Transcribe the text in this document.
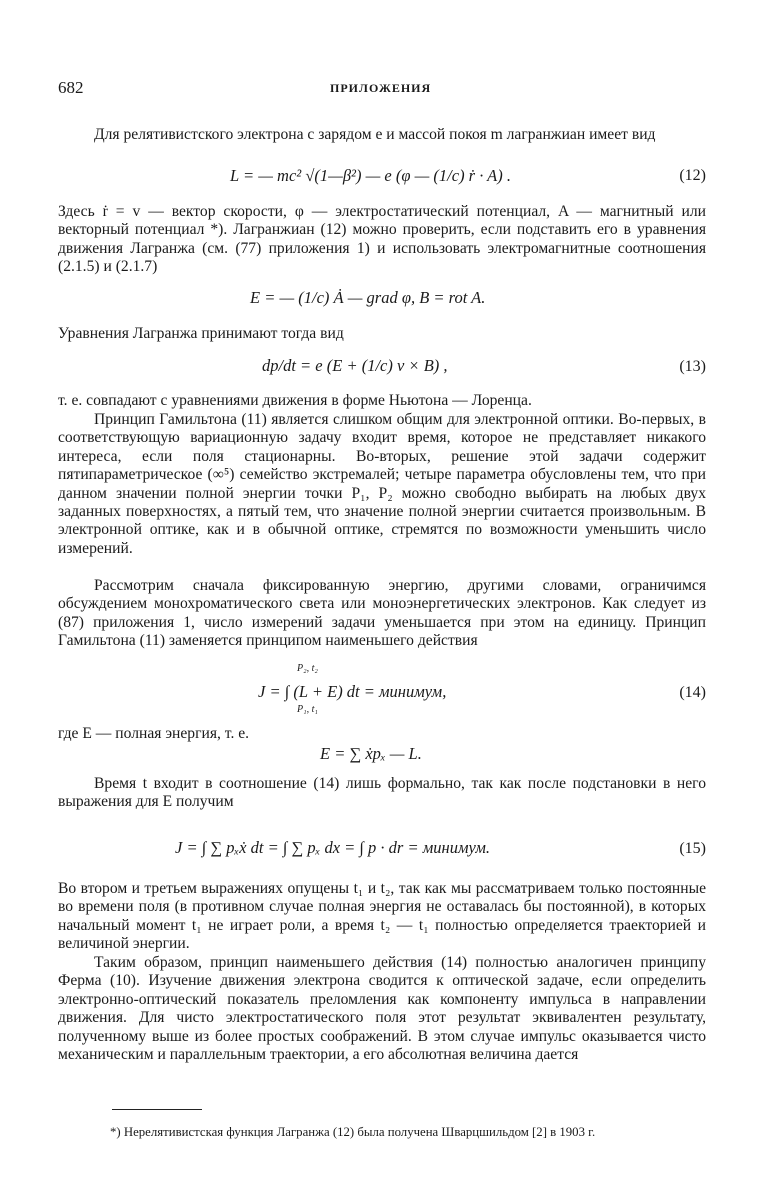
682	ПРИЛОЖЕНИЯ
Для релятивистского электрона с зарядом e и массой покоя m лагранжиан имеет вид
L = — mc² √(1—β²) — e (φ — (1/c) ṙ · A) .	(12)
Здесь ṙ = v — вектор скорости, φ — электростатический потенциал, A — магнитный или векторный потенциал *). Лагранжиан (12) можно проверить, если подставить его в уравнения движения Лагранжа (см. (77) приложения 1) и использовать электромагнитные соотношения (2.1.5) и (2.1.7)
E = — (1/c) Ȧ — grad φ, B = rot A.
Уравнения Лагранжа принимают тогда вид
dp/dt = e (E + (1/c) v × B) ,	(13)
т. е. совпадают с уравнениями движения в форме Ньютона — Лоренца.
Принцип Гамильтона (11) является слишком общим для электронной оптики. Во-первых, в соответствующую вариационную задачу входит время, которое не представляет никакого интереса, если поля стационарны. Во-вторых, решение этой задачи содержит пятипараметрическое (∞⁵) семейство экстремалей; четыре параметра обусловлены тем, что при данном значении полной энергии точки P₁, P₂ можно свободно выбирать на любых двух заданных поверхностях, а пятый тем, что значение полной энергии считается произвольным. В электронной оптике, как и в обычной оптике, стремятся по возможности уменьшить число измерений.
Рассмотрим сначала фиксированную энергию, другими словами, ограничимся обсуждением монохроматического света или моноэнергетических электронов. Как следует из (87) приложения 1, число измерений задачи уменьшается при этом на единицу. Принцип Гамильтона (11) заменяется принципом наименьшего действия
P₂, t₂
J = ∫ (L + E) dt = минимум,
P₁, t₁
(14)
где E — полная энергия, т. е.
E = ∑ ẋpₓ — L.
Время t входит в соотношение (14) лишь формально, так как после подстановки в него выражения для E получим
J = ∫ ∑ pₓẋ dt = ∫ ∑ pₓ dx = ∫ p · dr = минимум.	(15)
Во втором и третьем выражениях опущены t₁ и t₂, так как мы рассматриваем только постоянные во времени поля (в противном случае полная энергия не оставалась бы постоянной), в которых начальный момент t₁ не играет роли, а время t₂ — t₁ полностью определяется траекторией и величиной энергии.
Таким образом, принцип наименьшего действия (14) полностью аналогичен принципу Ферма (10). Изучение движения электрона сводится к оптической задаче, если определить электронно-оптический показатель преломления как компоненту импульса в направлении движения. Для чисто электростатического поля этот результат эквивалентен результату, полученному выше из более простых соображений. В этом случае импульс оказывается чисто механическим и параллельным траектории, а его абсолютная величина дается
*) Нерелятивистская функция Лагранжа (12) была получена Шварцшильдом [2] в 1903 г.
